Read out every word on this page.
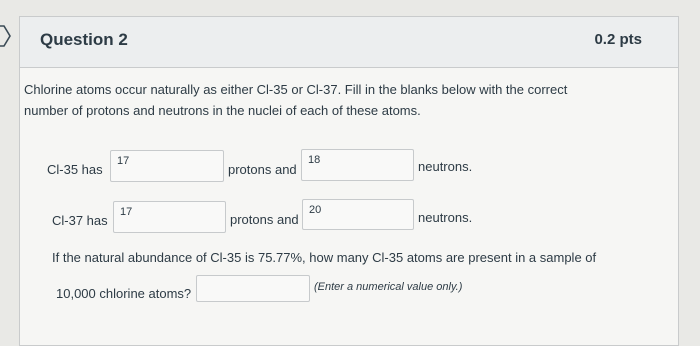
Question 2	0.2 pts
Chlorine atoms occur naturally as either Cl-35 or Cl-37. Fill in the blanks below with the correct
number of protons and neutrons in the nuclei of each of these atoms.
Cl-35 has
17
protons and
18	neutrons.
Cl-37 has
17	protons and
20	neutrons.
If the natural abundance of Cl-35 is 75.77%, how many Cl-35 atoms are present in a sample of
10,000 chlorine atoms?	(Enter a numerical value only.)
